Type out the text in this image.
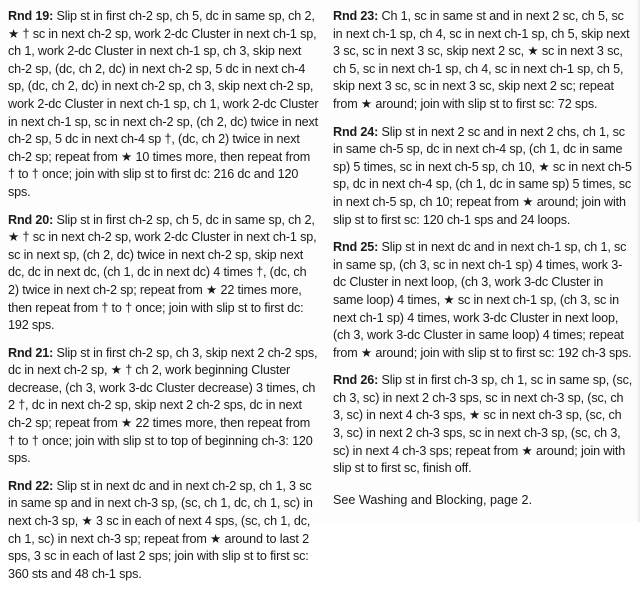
Rnd 19: Slip st in first ch-2 sp, ch 5, dc in same sp, ch 2, ★ † sc in next ch-2 sp, work 2-dc Cluster in next ch-1 sp, ch 1, work 2-dc Cluster in next ch-1 sp, ch 3, skip next ch-2 sp, (dc, ch 2, dc) in next ch-2 sp, 5 dc in next ch-4 sp, (dc, ch 2, dc) in next ch-2 sp, ch 3, skip next ch-2 sp, work 2-dc Cluster in next ch-1 sp, ch 1, work 2-dc Cluster in next ch-1 sp, sc in next ch-2 sp, (ch 2, dc) twice in next ch-2 sp, 5 dc in next ch-4 sp †, (dc, ch 2) twice in next ch-2 sp; repeat from ★ 10 times more, then repeat from † to † once; join with slip st to first dc: 216 dc and 120 sps.

Rnd 20: Slip st in first ch-2 sp, ch 5, dc in same sp, ch 2, ★ † sc in next ch-2 sp, work 2-dc Cluster in next ch-1 sp, sc in next sp, (ch 2, dc) twice in next ch-2 sp, skip next dc, dc in next dc, (ch 1, dc in next dc) 4 times †, (dc, ch 2) twice in next ch-2 sp; repeat from ★ 22 times more, then repeat from † to † once; join with slip st to first dc: 192 sps.

Rnd 21: Slip st in first ch-2 sp, ch 3, skip next 2 ch-2 sps, dc in next ch-2 sp, ★ † ch 2, work beginning Cluster decrease, (ch 3, work 3-dc Cluster decrease) 3 times, ch 2 †, dc in next ch-2 sp, skip next 2 ch-2 sps, dc in next ch-2 sp; repeat from ★ 22 times more, then repeat from † to † once; join with slip st to top of beginning ch-3: 120 sps.

Rnd 22: Slip st in next dc and in next ch-2 sp, ch 1, 3 sc in same sp and in next ch-3 sp, (sc, ch 1, dc, ch 1, sc) in next ch-3 sp, ★ 3 sc in each of next 4 sps, (sc, ch 1, dc, ch 1, sc) in next ch-3 sp; repeat from ★ around to last 2 sps, 3 sc in each of last 2 sps; join with slip st to first sc: 360 sts and 48 ch-1 sps.

Rnd 23: Ch 1, sc in same st and in next 2 sc, ch 5, sc in next ch-1 sp, ch 4, sc in next ch-1 sp, ch 5, skip next 3 sc, sc in next 3 sc, skip next 2 sc, ★ sc in next 3 sc, ch 5, sc in next ch-1 sp, ch 4, sc in next ch-1 sp, ch 5, skip next 3 sc, sc in next 3 sc, skip next 2 sc; repeat from ★ around; join with slip st to first sc: 72 sps.

Rnd 24: Slip st in next 2 sc and in next 2 chs, ch 1, sc in same ch-5 sp, dc in next ch-4 sp, (ch 1, dc in same sp) 5 times, sc in next ch-5 sp, ch 10, ★ sc in next ch-5 sp, dc in next ch-4 sp, (ch 1, dc in same sp) 5 times, sc in next ch-5 sp, ch 10; repeat from ★ around; join with slip st to first sc: 120 ch-1 sps and 24 loops.

Rnd 25: Slip st in next dc and in next ch-1 sp, ch 1, sc in same sp, (ch 3, sc in next ch-1 sp) 4 times, work 3-dc Cluster in next loop, (ch 3, work 3-dc Cluster in same loop) 4 times, ★ sc in next ch-1 sp, (ch 3, sc in next ch-1 sp) 4 times, work 3-dc Cluster in next loop, (ch 3, work 3-dc Cluster in same loop) 4 times; repeat from ★ around; join with slip st to first sc: 192 ch-3 sps.

Rnd 26: Slip st in first ch-3 sp, ch 1, sc in same sp, (sc, ch 3, sc) in next 2 ch-3 sps, sc in next ch-3 sp, (sc, ch 3, sc) in next 4 ch-3 sps, ★ sc in next ch-3 sp, (sc, ch 3, sc) in next 2 ch-3 sps, sc in next ch-3 sp, (sc, ch 3, sc) in next 4 ch-3 sps; repeat from ★ around; join with slip st to first sc, finish off.

See Washing and Blocking, page 2.
